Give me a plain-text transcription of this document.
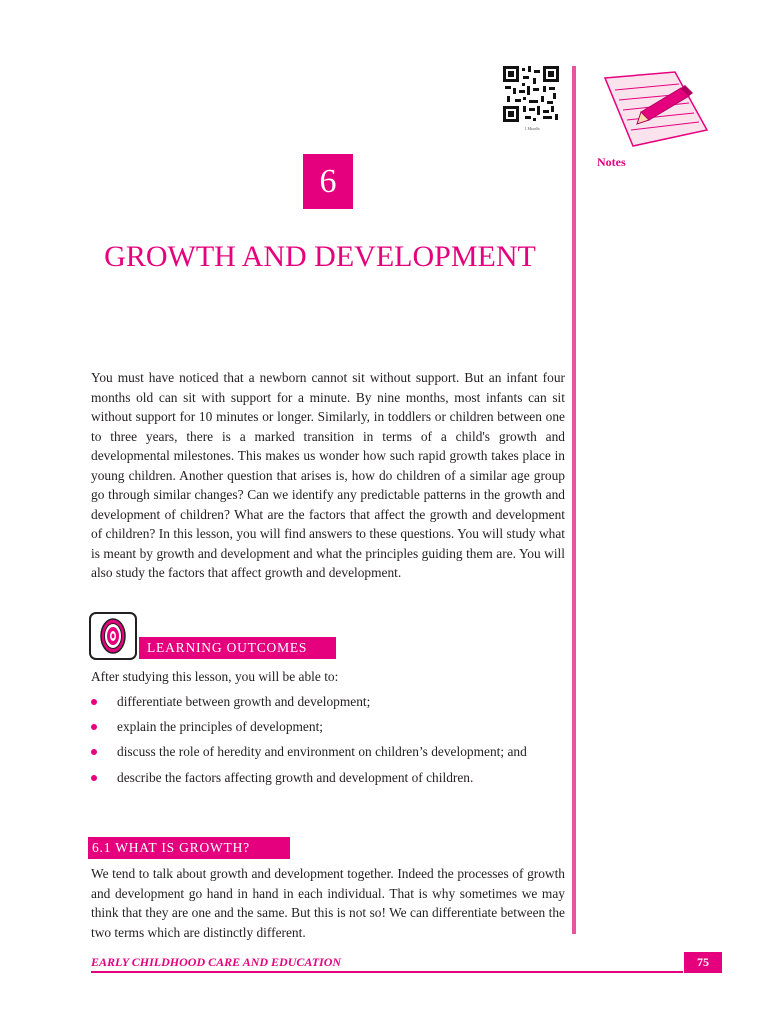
1 Mtaa0a
Notes
6
GROWTH AND DEVELOPMENT
You must have noticed that a newborn cannot sit without support. But an infant four months old can sit with support for a minute. By nine months, most infants can sit without support for 10 minutes or longer. Similarly, in toddlers or children between one to three years, there is a marked transition in terms of a child's growth and developmental milestones. This makes us wonder how such rapid growth takes place in young children. Another question that arises is, how do children of a similar age group go through similar changes? Can we identify any predictable patterns in the growth and development of children? What are the factors that affect the growth and development of children? In this lesson, you will find answers to these questions. You will study what is meant by growth and development and what the principles guiding them are. You will also study the factors that affect growth and development.
LEARNING OUTCOMES
After studying this lesson, you will be able to:
differentiate between growth and development;
explain the principles of development;
discuss the role of heredity and environment on children’s development; and
describe the factors affecting growth and development of children.
6.1 WHAT IS GROWTH?
We tend to talk about growth and development together. Indeed the processes of growth and development go hand in hand in each individual. That is why sometimes we may think that they are one and the same. But this is not so! We can differentiate between the two terms which are distinctly different.
EARLY CHILDHOOD CARE AND EDUCATION	75
